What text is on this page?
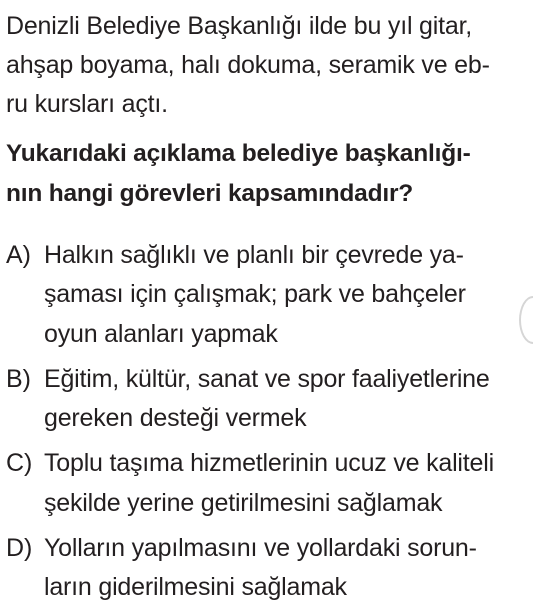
Denizli Belediye Başkanlığı ilde bu yıl gitar,
ahşap boyama, halı dokuma, seramik ve eb-
ru kursları açtı.
Yukarıdaki açıklama belediye başkanlığı-
nın hangi görevleri kapsamındadır?
A) Halkın sağlıklı ve planlı bir çevrede ya-
şaması için çalışmak; park ve bahçeler
oyun alanları yapmak
B) Eğitim, kültür, sanat ve spor faaliyetlerine
gereken desteği vermek
C) Toplu taşıma hizmetlerinin ucuz ve kaliteli
şekilde yerine getirilmesini sağlamak
D) Yolların yapılmasını ve yollardaki sorun-
ların giderilmesini sağlamak
